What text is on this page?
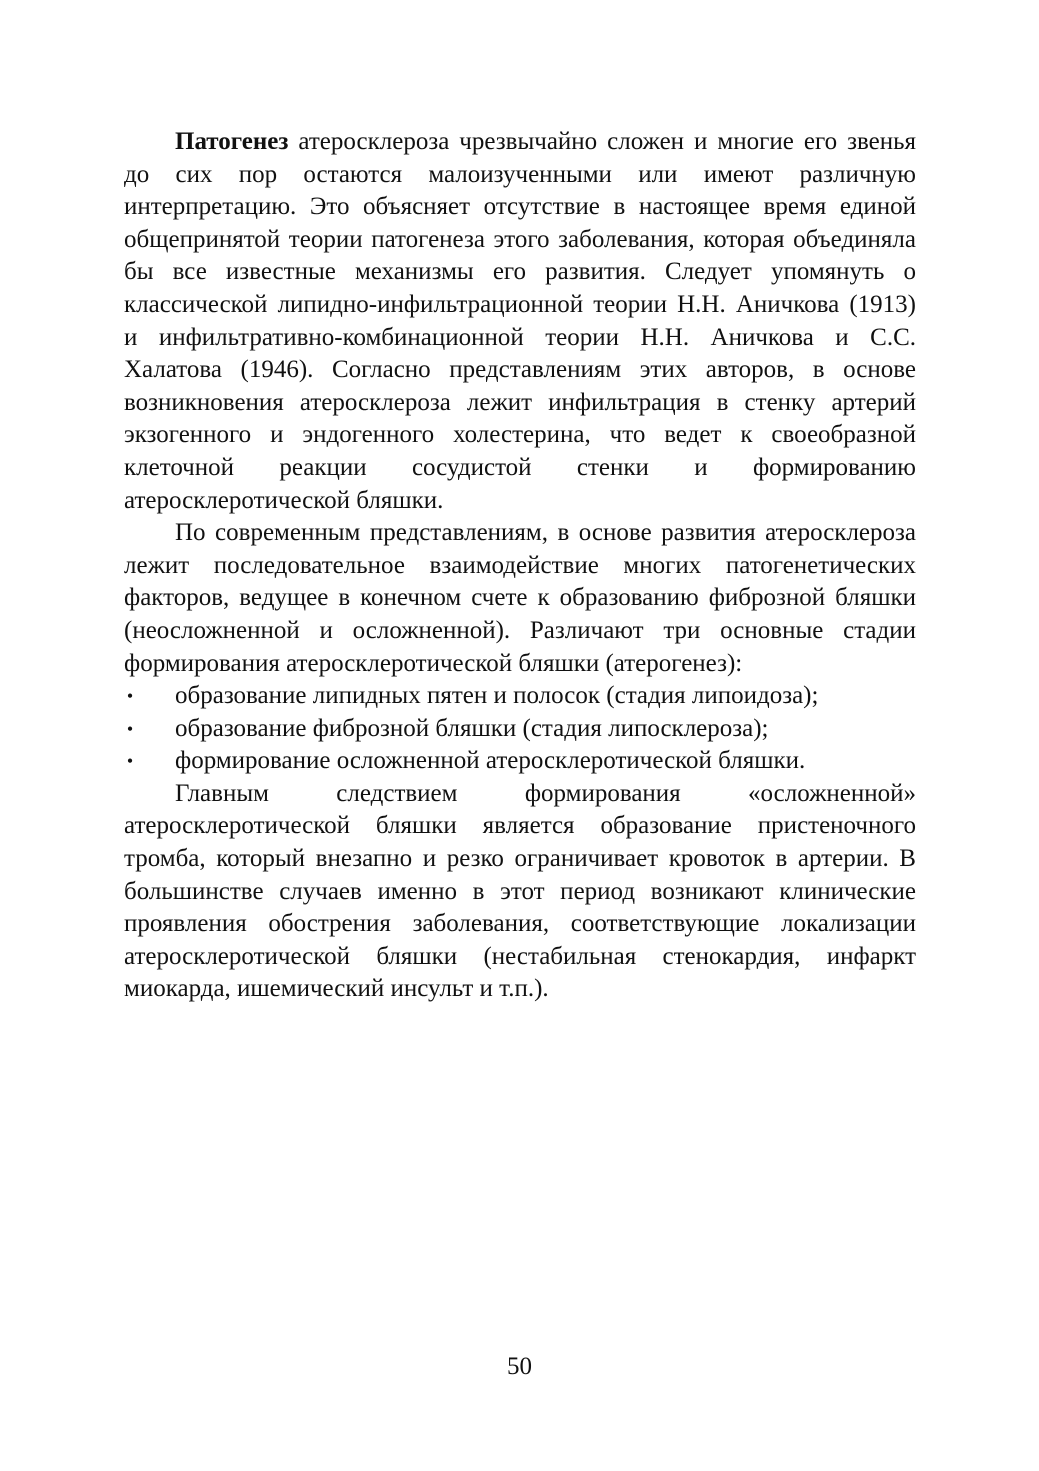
Патогенез атеросклероза чрезвычайно сложен и многие его звенья до сих пор остаются малоизученными или имеют различную интерпретацию. Это объясняет отсутствие в настоящее время единой общепринятой теории патогенеза этого заболевания, которая объединяла бы все известные механизмы его развития. Следует упомянуть о классической липидно-инфильтрационной теории Н.Н. Аничкова (1913) и инфильтративно-комбинационной теории Н.Н. Аничкова и С.С. Халатова (1946). Согласно представлениям этих авторов, в основе возникновения атеросклероза лежит инфильтрация в стенку артерий экзогенного и эндогенного холестерина, что ведет к своеобразной клеточной реакции сосудистой стенки и формированию атеросклеротической бляшки.

По современным представлениям, в основе развития атеросклероза лежит последовательное взаимодействие многих патогенетических факторов, ведущее в конечном счете к образованию фиброзной бляшки (неосложненной и осложненной). Различают три основные стадии формирования атеросклеротической бляшки (атерогенез):

• образование липидных пятен и полосок (стадия липоидоза);
• образование фиброзной бляшки (стадия липосклероза);
• формирование осложненной атеросклеротической бляшки.

Главным следствием формирования «осложненной» атеросклеротической бляшки является образование пристеночного тромба, который внезапно и резко ограничивает кровоток в артерии. В большинстве случаев именно в этот период возникают клинические проявления обострения заболевания, соответствующие локализации атеросклеротической бляшки (нестабильная стенокардия, инфаркт миокарда, ишемический инсульт и т.п.).

50
